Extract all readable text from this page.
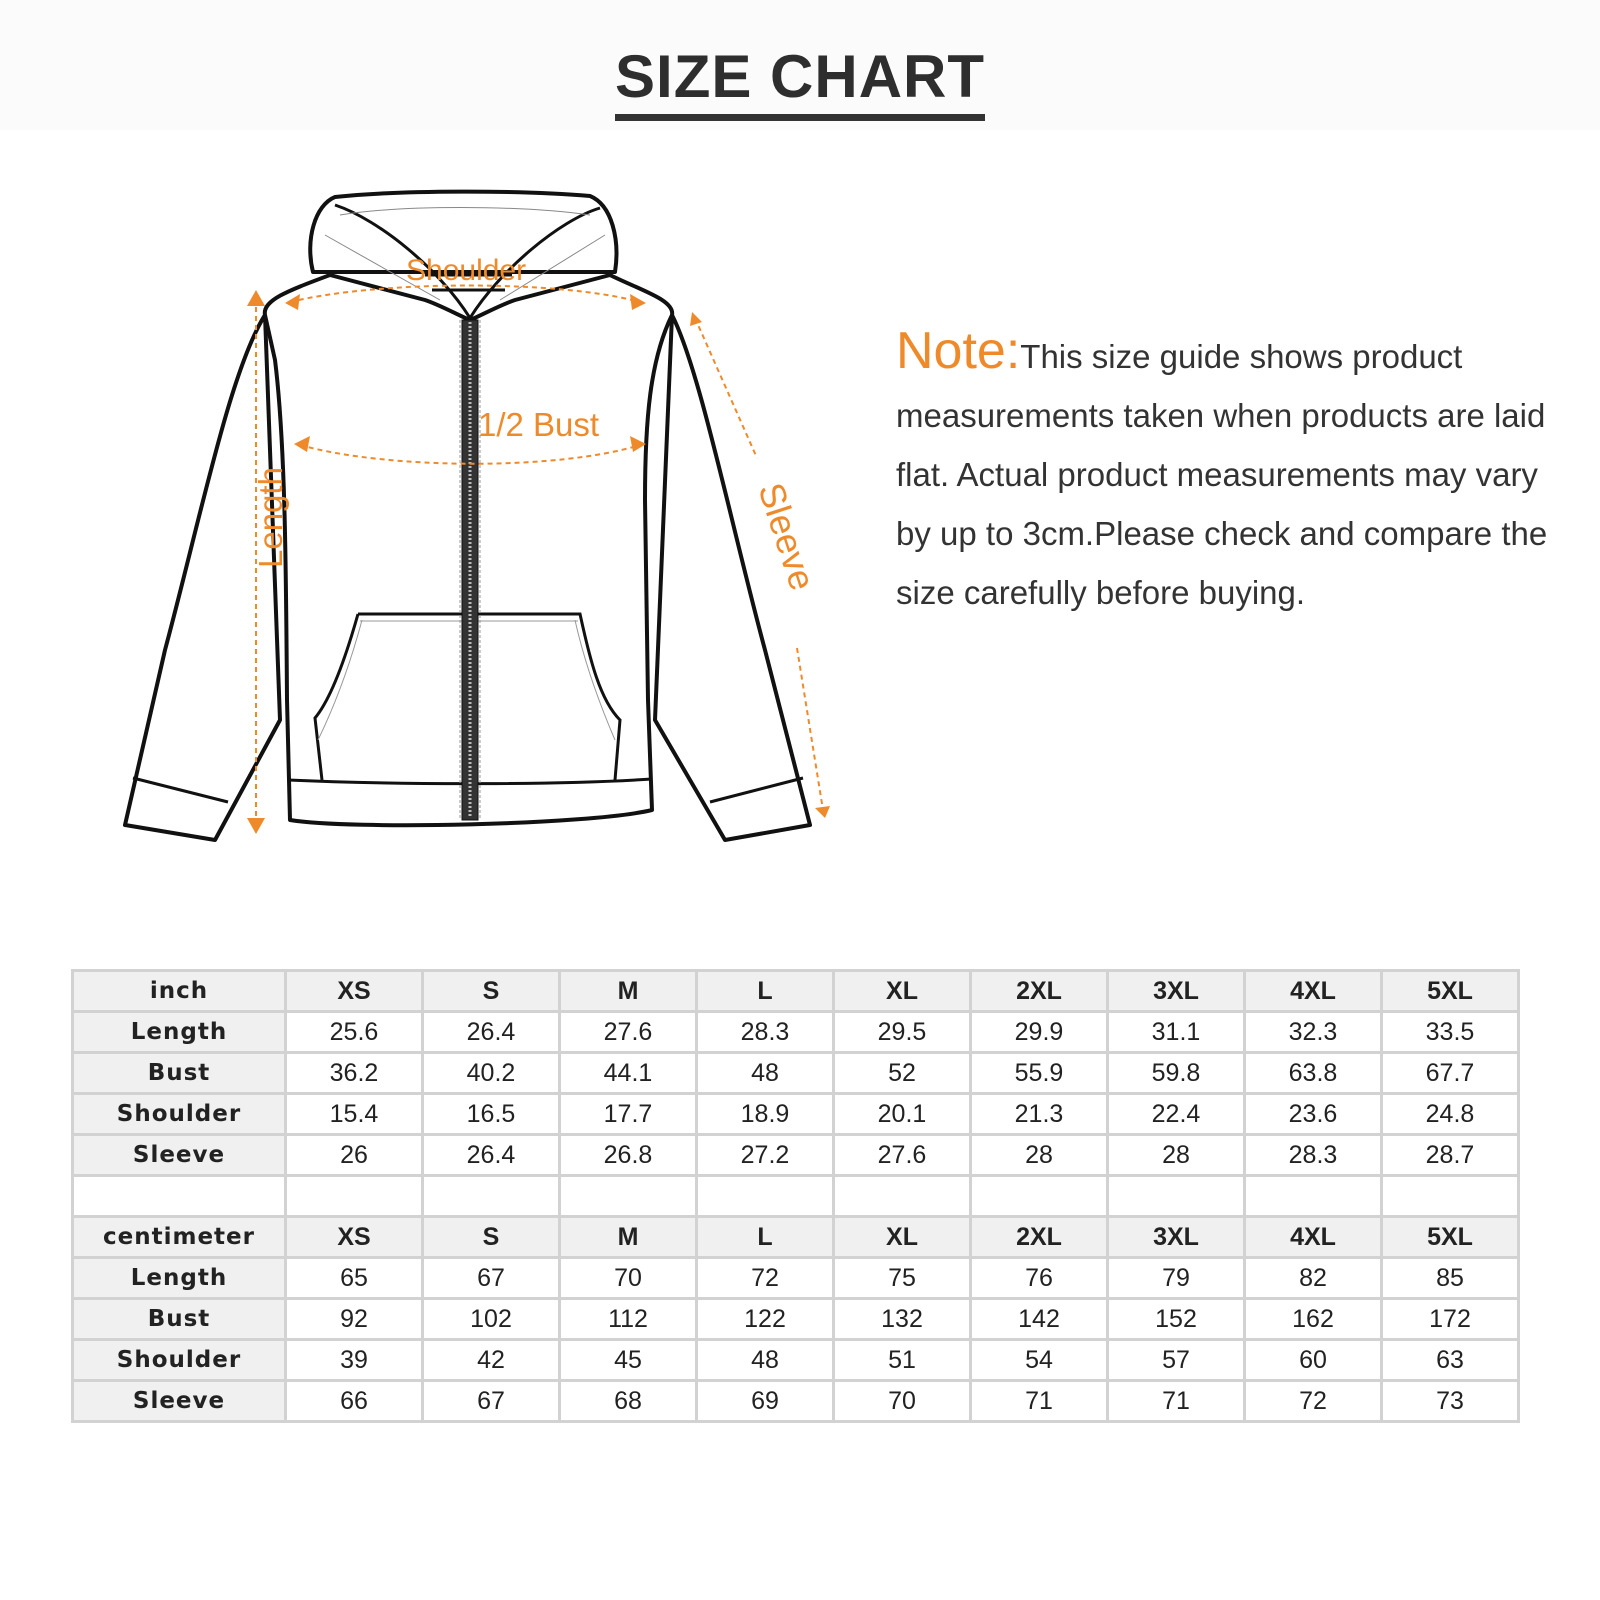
SIZE CHART
Shoulder
1/2 Bust
Length	Sleeve
Note:This size guide shows product measurements taken when products are laid flat. Actual product measurements may vary by up to 3cm.Please check and compare the size carefully before buying.
inch	XS	S	M	L	XL	2XL	3XL	4XL	5XL
Length	25.6	26.4	27.6	28.3	29.5	29.9	31.1	32.3	33.5
Bust	36.2	40.2	44.1	48	52	55.9	59.8	63.8	67.7
Shoulder	15.4	16.5	17.7	18.9	20.1	21.3	22.4	23.6	24.8
Sleeve	26	26.4	26.8	27.2	27.6	28	28	28.3	28.7

centimeter	XS	S	M	L	XL	2XL	3XL	4XL	5XL
Length	65	67	70	72	75	76	79	82	85
Bust	92	102	112	122	132	142	152	162	172
Shoulder	39	42	45	48	51	54	57	60	63
Sleeve	66	67	68	69	70	71	71	72	73
